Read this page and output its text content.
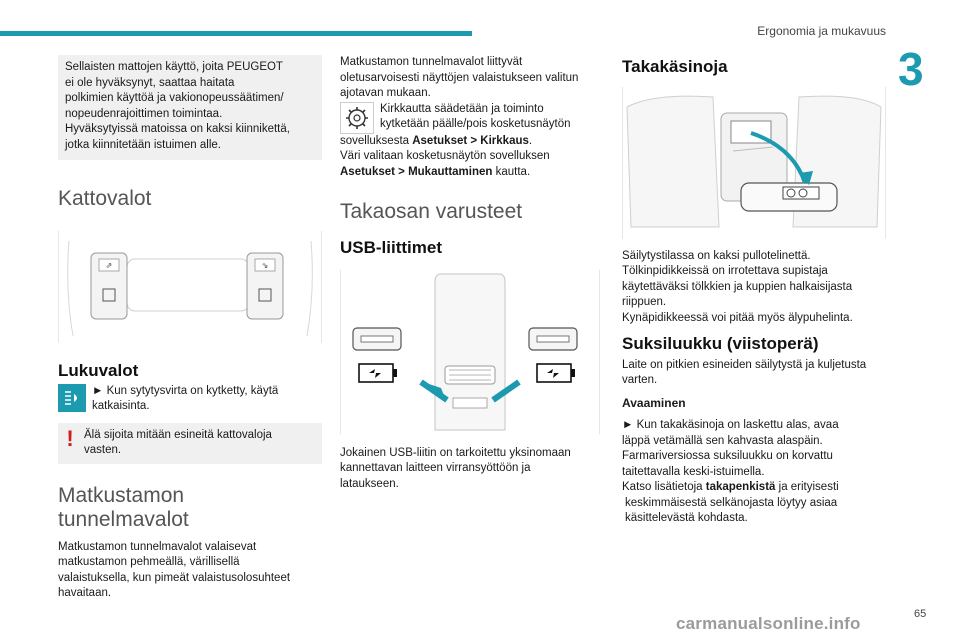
Ergonomia ja mukavuus
3

Sellaisten mattojen käyttö, joita PEUGEOT

ei ole hyväksynyt, saattaa haitata

polkimien käyttöä ja vakionopeussäätimen/

nopeudenrajoittimen toimintaa.

Hyväksytyissä matoissa on kaksi kiinnikettä,

jotka kiinnitetään istuimen alle.

Kattovalot
⇗	⇘
Lukuvalot

► Kun sytytysvirta on kytketty, käytä

katkaisinta.

! Älä sijoita mitään esineitä kattovaloja

vasten.

Matkustamon
tunnelmavalot

Matkustamon tunnelmavalot valaisevat

matkustamon pehmeällä, värillisellä

valaistuksella, kun pimeät valaistusolosuhteet

havaitaan.

Matkustamon tunnelmavalot liittyvät

oletusarvoisesti näyttöjen valaistukseen valitun

ajotavan mukaan.

Kirkkautta säädetään ja toiminto

kytketään päälle/pois kosketusnäytön

sovelluksesta Asetukset > Kirkkaus.

Väri valitaan kosketusnäytön sovelluksen

Asetukset > Mukauttaminen kautta.

Takaosan varusteet
USB-liittimet

Jokainen USB-liitin on tarkoitettu yksinomaan

kannettavan laitteen virransyöttöön ja

lataukseen.

Takakäsinoja

Säilytystilassa on kaksi pullotelinettä.

Tölkinpidikkeissä on irrotettava supistaja

käytettäväksi tölkkien ja kuppien halkaisijasta

riippuen.

Kynäpidikkeessä voi pitää myös älypuhelinta.

Suksiluukku (viistoperä)

Laite on pitkien esineiden säilytystä ja kuljetusta

varten.

Avaaminen

► Kun takakäsinoja on laskettu alas, avaa

läppä vetämällä sen kahvasta alaspäin.

Farmariversiossa suksiluukku on korvattu

taitettavalla keski-istuimella.

Katso lisätietoja takapenkistä ja erityisesti

keskimmäisestä selkänojasta löytyy asiaa

käsittelevästä kohdasta.

carmanualsonline.info	65
